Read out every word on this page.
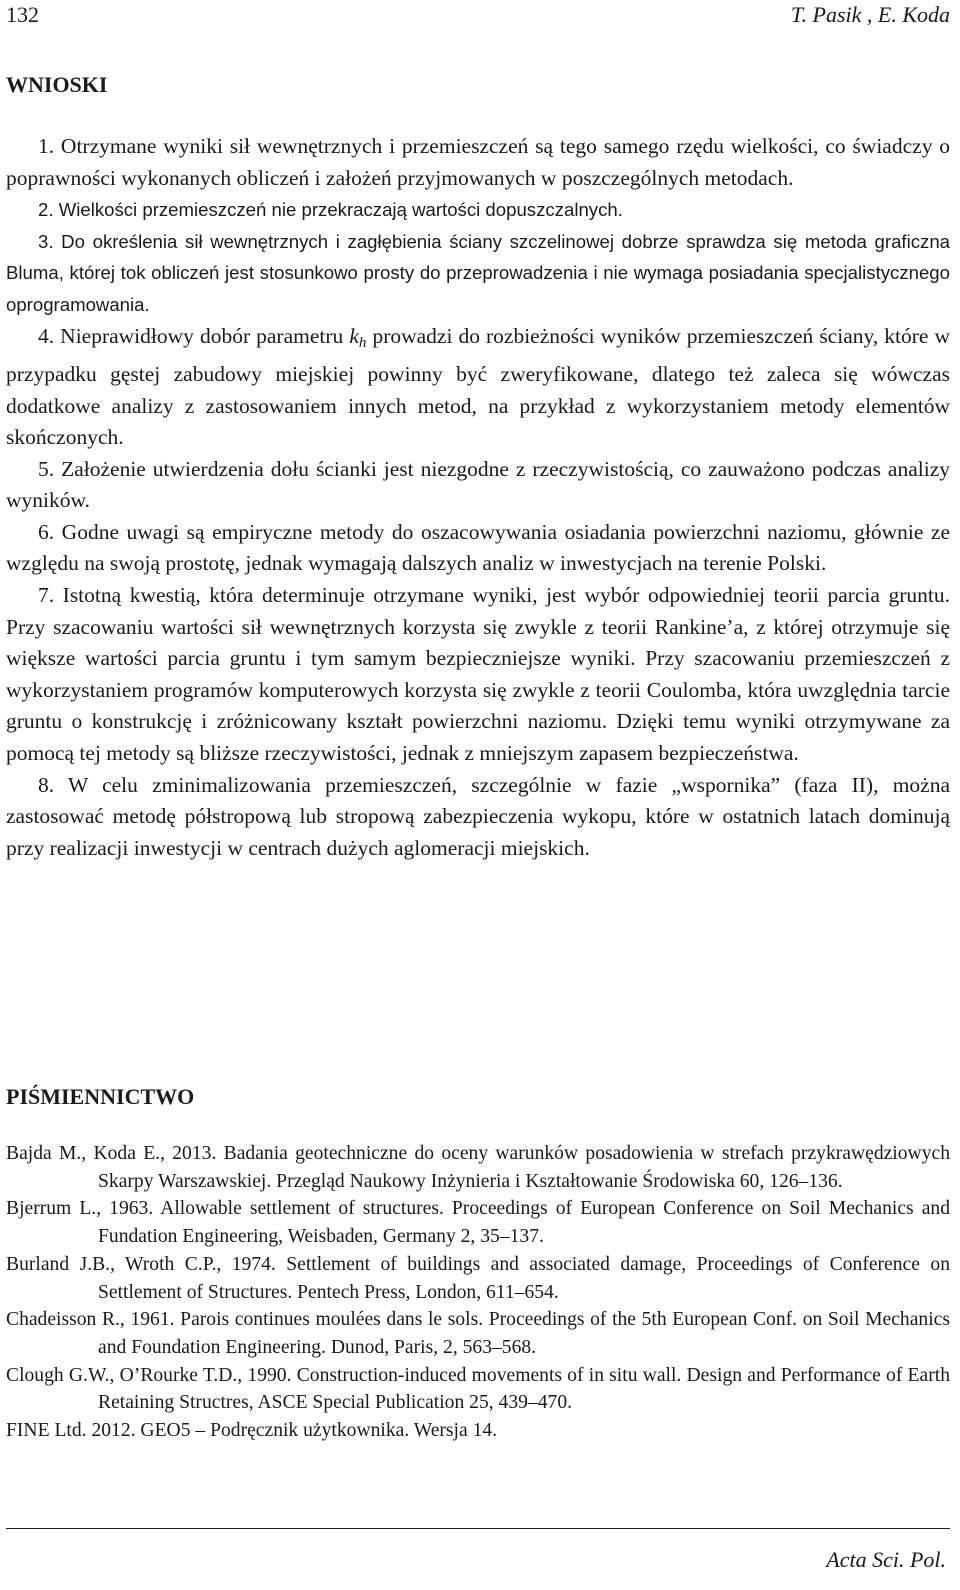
132	T. Pasik , E. Koda
WNIOSKI

1. Otrzymane wyniki sił wewnętrznych i przemieszczeń są tego samego rzędu wielkości, co świadczy o poprawności wykonanych obliczeń i założeń przyjmowanych w poszczególnych metodach.

2. Wielkości przemieszczeń nie przekraczają wartości dopuszczalnych.

3. Do określenia sił wewnętrznych i zagłębienia ściany szczelinowej dobrze sprawdza się metoda graficzna Bluma, której tok obliczeń jest stosunkowo prosty do przeprowadzenia i nie wymaga posiadania specjalistycznego oprogramowania.

4. Nieprawidłowy dobór parametru $k_h$ prowadzi do rozbieżności wyników przemieszczeń ściany, które w przypadku gęstej zabudowy miejskiej powinny być zweryfikowane, dlatego też zaleca się wówczas dodatkowe analizy z zastosowaniem innych metod, na przykład z wykorzystaniem metody elementów skończonych.

5. Założenie utwierdzenia dołu ścianki jest niezgodne z rzeczywistością, co zauważono podczas analizy wyników.

6. Godne uwagi są empiryczne metody do oszacowywania osiadania powierzchni naziomu, głównie ze względu na swoją prostotę, jednak wymagają dalszych analiz w inwestycjach na terenie Polski.

7. Istotną kwestią, która determinuje otrzymane wyniki, jest wybór odpowiedniej teorii parcia gruntu. Przy szacowaniu wartości sił wewnętrznych korzysta się zwykle z teorii Rankine’a, z której otrzymuje się większe wartości parcia gruntu i tym samym bezpieczniejsze wyniki. Przy szacowaniu przemieszczeń z wykorzystaniem programów komputerowych korzysta się zwykle z teorii Coulomba, która uwzględnia tarcie gruntu o konstrukcję i zróżnicowany kształt powierzchni naziomu. Dzięki temu wyniki otrzymywane za pomocą tej metody są bliższe rzeczywistości, jednak z mniejszym zapasem bezpieczeństwa.

8. W celu zminimalizowania przemieszczeń, szczególnie w fazie „wspornika” (faza II), można zastosować metodę półstropową lub stropową zabezpieczenia wykopu, które w ostatnich latach dominują przy realizacji inwestycji w centrach dużych aglomeracji miejskich.

PIŚMIENNICTWO

Bajda M., Koda E., 2013. Badania geotechniczne do oceny warunków posadowienia w strefach przykrawędziowych Skarpy Warszawskiej. Przegląd Naukowy Inżynieria i Kształtowanie Środowiska 60, 126–136.

Bjerrum L., 1963. Allowable settlement of structures. Proceedings of European Conference on Soil Mechanics and Fundation Engineering, Weisbaden, Germany 2, 35–137.

Burland J.B., Wroth C.P., 1974. Settlement of buildings and associated damage, Proceedings of Conference on Settlement of Structures. Pentech Press, London, 611–654.

Chadeisson R., 1961. Parois continues moulées dans le sols. Proceedings of the 5th European Conf. on Soil Mechanics and Foundation Engineering. Dunod, Paris, 2, 563–568.

Clough G.W., O’Rourke T.D., 1990. Construction-induced movements of in situ wall. Design and Performance of Earth Retaining Structres, ASCE Special Publication 25, 439–470.

FINE Ltd. 2012. GEO5 – Podręcznik użytkownika. Wersja 14.

Acta Sci. Pol.
